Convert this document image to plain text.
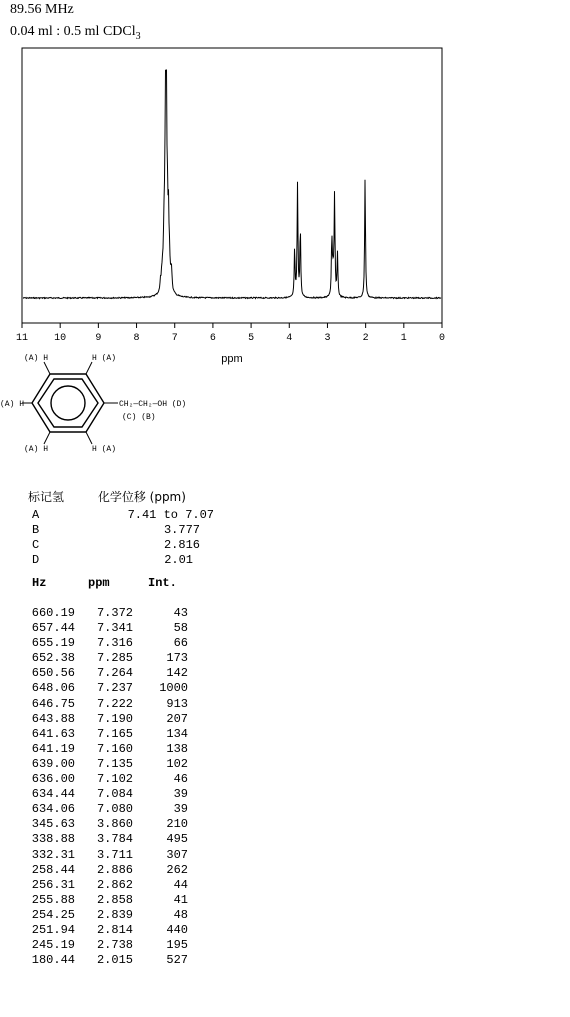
89.56 MHz
0.04 ml : 0.5 ml CDCl$_3$
11	10	9	8	7	6	5	4	3	2	1	0
ppm
(A) H	H (A)
(A) H
(A) H	H (A)
CH₂—CH₂—OH (D)
(C) (B)
标记氢	化学位移 (ppm)
A	7.41 to 7.07
B	3.777
C	2.816
D	2.01
Hz	ppm	Int.
660.19	7.372	43
657.44	7.341	58
655.19	7.316	66
652.38	7.285	173
650.56	7.264	142
648.06	7.237	1000
646.75	7.222	913
643.88	7.190	207
641.63	7.165	134
641.19	7.160	138
639.00	7.135	102
636.00	7.102	46
634.44	7.084	39
634.06	7.080	39
345.63	3.860	210
338.88	3.784	495
332.31	3.711	307
258.44	2.886	262
256.31	2.862	44
255.88	2.858	41
254.25	2.839	48
251.94	2.814	440
245.19	2.738	195
180.44	2.015	527
